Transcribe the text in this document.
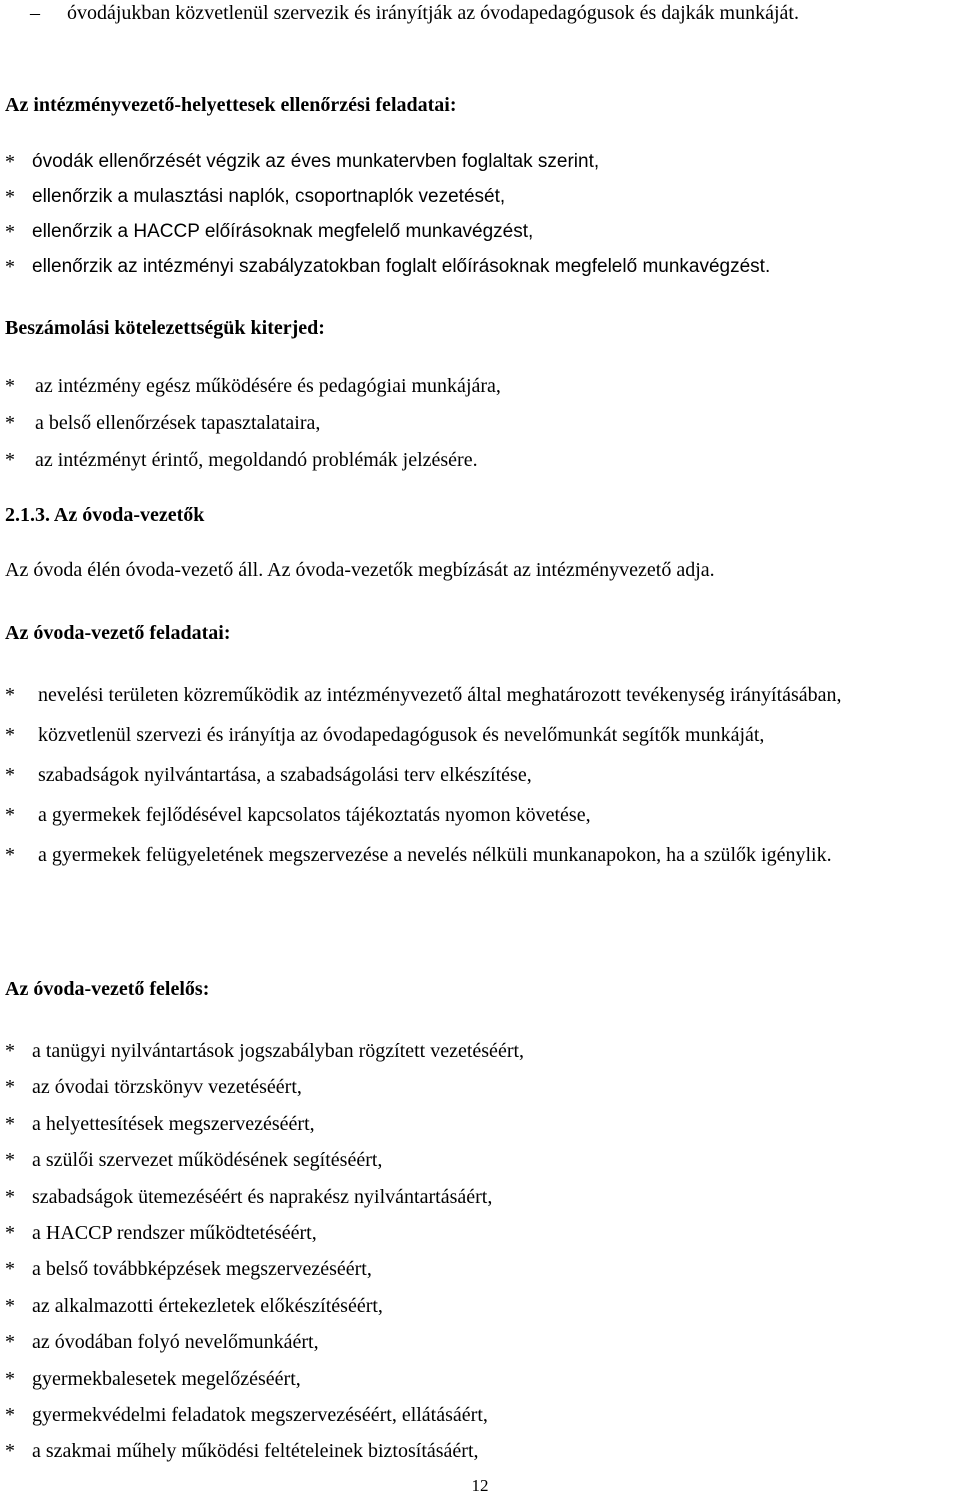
–	óvodájukban közvetlenül szervezik és irányítják az óvodapedagógusok és dajkák munkáját.
Az intézményvezető-helyettesek ellenőrzési feladatai:
* óvodák ellenőrzését végzik az éves munkatervben foglaltak szerint,
* ellenőrzik a mulasztási naplók, csoportnaplók vezetését,
* ellenőrzik a HACCP előírásoknak megfelelő munkavégzést,
* ellenőrzik az intézményi szabályzatokban foglalt előírásoknak megfelelő munkavégzést.
Beszámolási kötelezettségük kiterjed:
*	az intézmény egész működésére és pedagógiai munkájára,
*	a belső ellenőrzések tapasztalataira,
*	az intézményt érintő, megoldandó problémák jelzésére.
2.1.3. Az óvoda-vezetők
Az óvoda élén óvoda-vezető áll. Az óvoda-vezetők megbízását az intézményvezető adja.
Az óvoda-vezető feladatai:
*	nevelési területen közreműködik az intézményvezető által meghatározott tevékenység irányításában,
*	közvetlenül szervezi és irányítja az óvodapedagógusok és nevelőmunkát segítők munkáját,
*	szabadságok nyilvántartása, a szabadságolási terv elkészítése,
*	a gyermekek fejlődésével kapcsolatos tájékoztatás nyomon követése,
*	a gyermekek felügyeletének megszervezése a nevelés nélküli munkanapokon, ha a szülők igénylik.
Az óvoda-vezető felelős:
* a tanügyi nyilvántartások jogszabályban rögzített vezetéséért,
* az óvodai törzskönyv vezetéséért,
* a helyettesítések megszervezéséért,
* a szülői szervezet működésének segítéséért,
* szabadságok ütemezéséért és naprakész nyilvántartásáért,
* a HACCP rendszer működtetéséért,
* a belső továbbképzések megszervezéséért,
* az alkalmazotti értekezletek előkészítéséért,
* az óvodában folyó nevelőmunkáért,
* gyermekbalesetek megelőzéséért,
* gyermekvédelmi feladatok megszervezéséért, ellátásáért,
* a szakmai műhely működési feltételeinek biztosításáért,
12
